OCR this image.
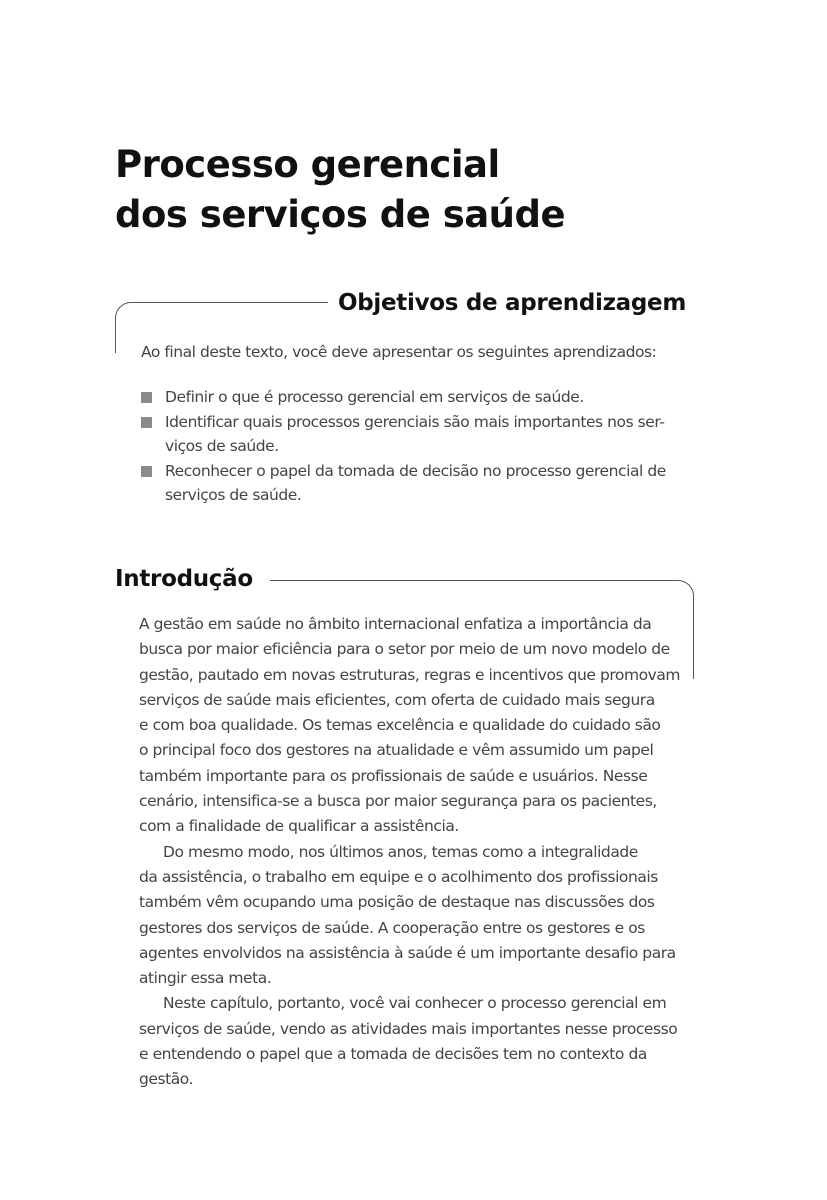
Processo gerencial
dos serviços de saúde
Objetivos de aprendizagem

Ao final deste texto, você deve apresentar os seguintes aprendizados:

Definir o que é processo gerencial em serviços de saúde.
Identificar quais processos gerenciais são mais importantes nos ser-
viços de saúde.
Reconhecer o papel da tomada de decisão no processo gerencial de
serviços de saúde.
Introdução
A gestão em saúde no âmbito internacional enfatiza a importância da
busca por maior eficiência para o setor por meio de um novo modelo de
gestão, pautado em novas estruturas, regras e incentivos que promovam
serviços de saúde mais eficientes, com oferta de cuidado mais segura
e com boa qualidade. Os temas excelência e qualidade do cuidado são
o principal foco dos gestores na atualidade e vêm assumido um papel
também importante para os profissionais de saúde e usuários. Nesse
cenário, intensifica-se a busca por maior segurança para os pacientes,
com a finalidade de qualificar a assistência.
Do mesmo modo, nos últimos anos, temas como a integralidade
da assistência, o trabalho em equipe e o acolhimento dos profissionais
também vêm ocupando uma posição de destaque nas discussões dos
gestores dos serviços de saúde. A cooperação entre os gestores e os
agentes envolvidos na assistência à saúde é um importante desafio para
atingir essa meta.
Neste capítulo, portanto, você vai conhecer o processo gerencial em
serviços de saúde, vendo as atividades mais importantes nesse processo
e entendendo o papel que a tomada de decisões tem no contexto da
gestão.
